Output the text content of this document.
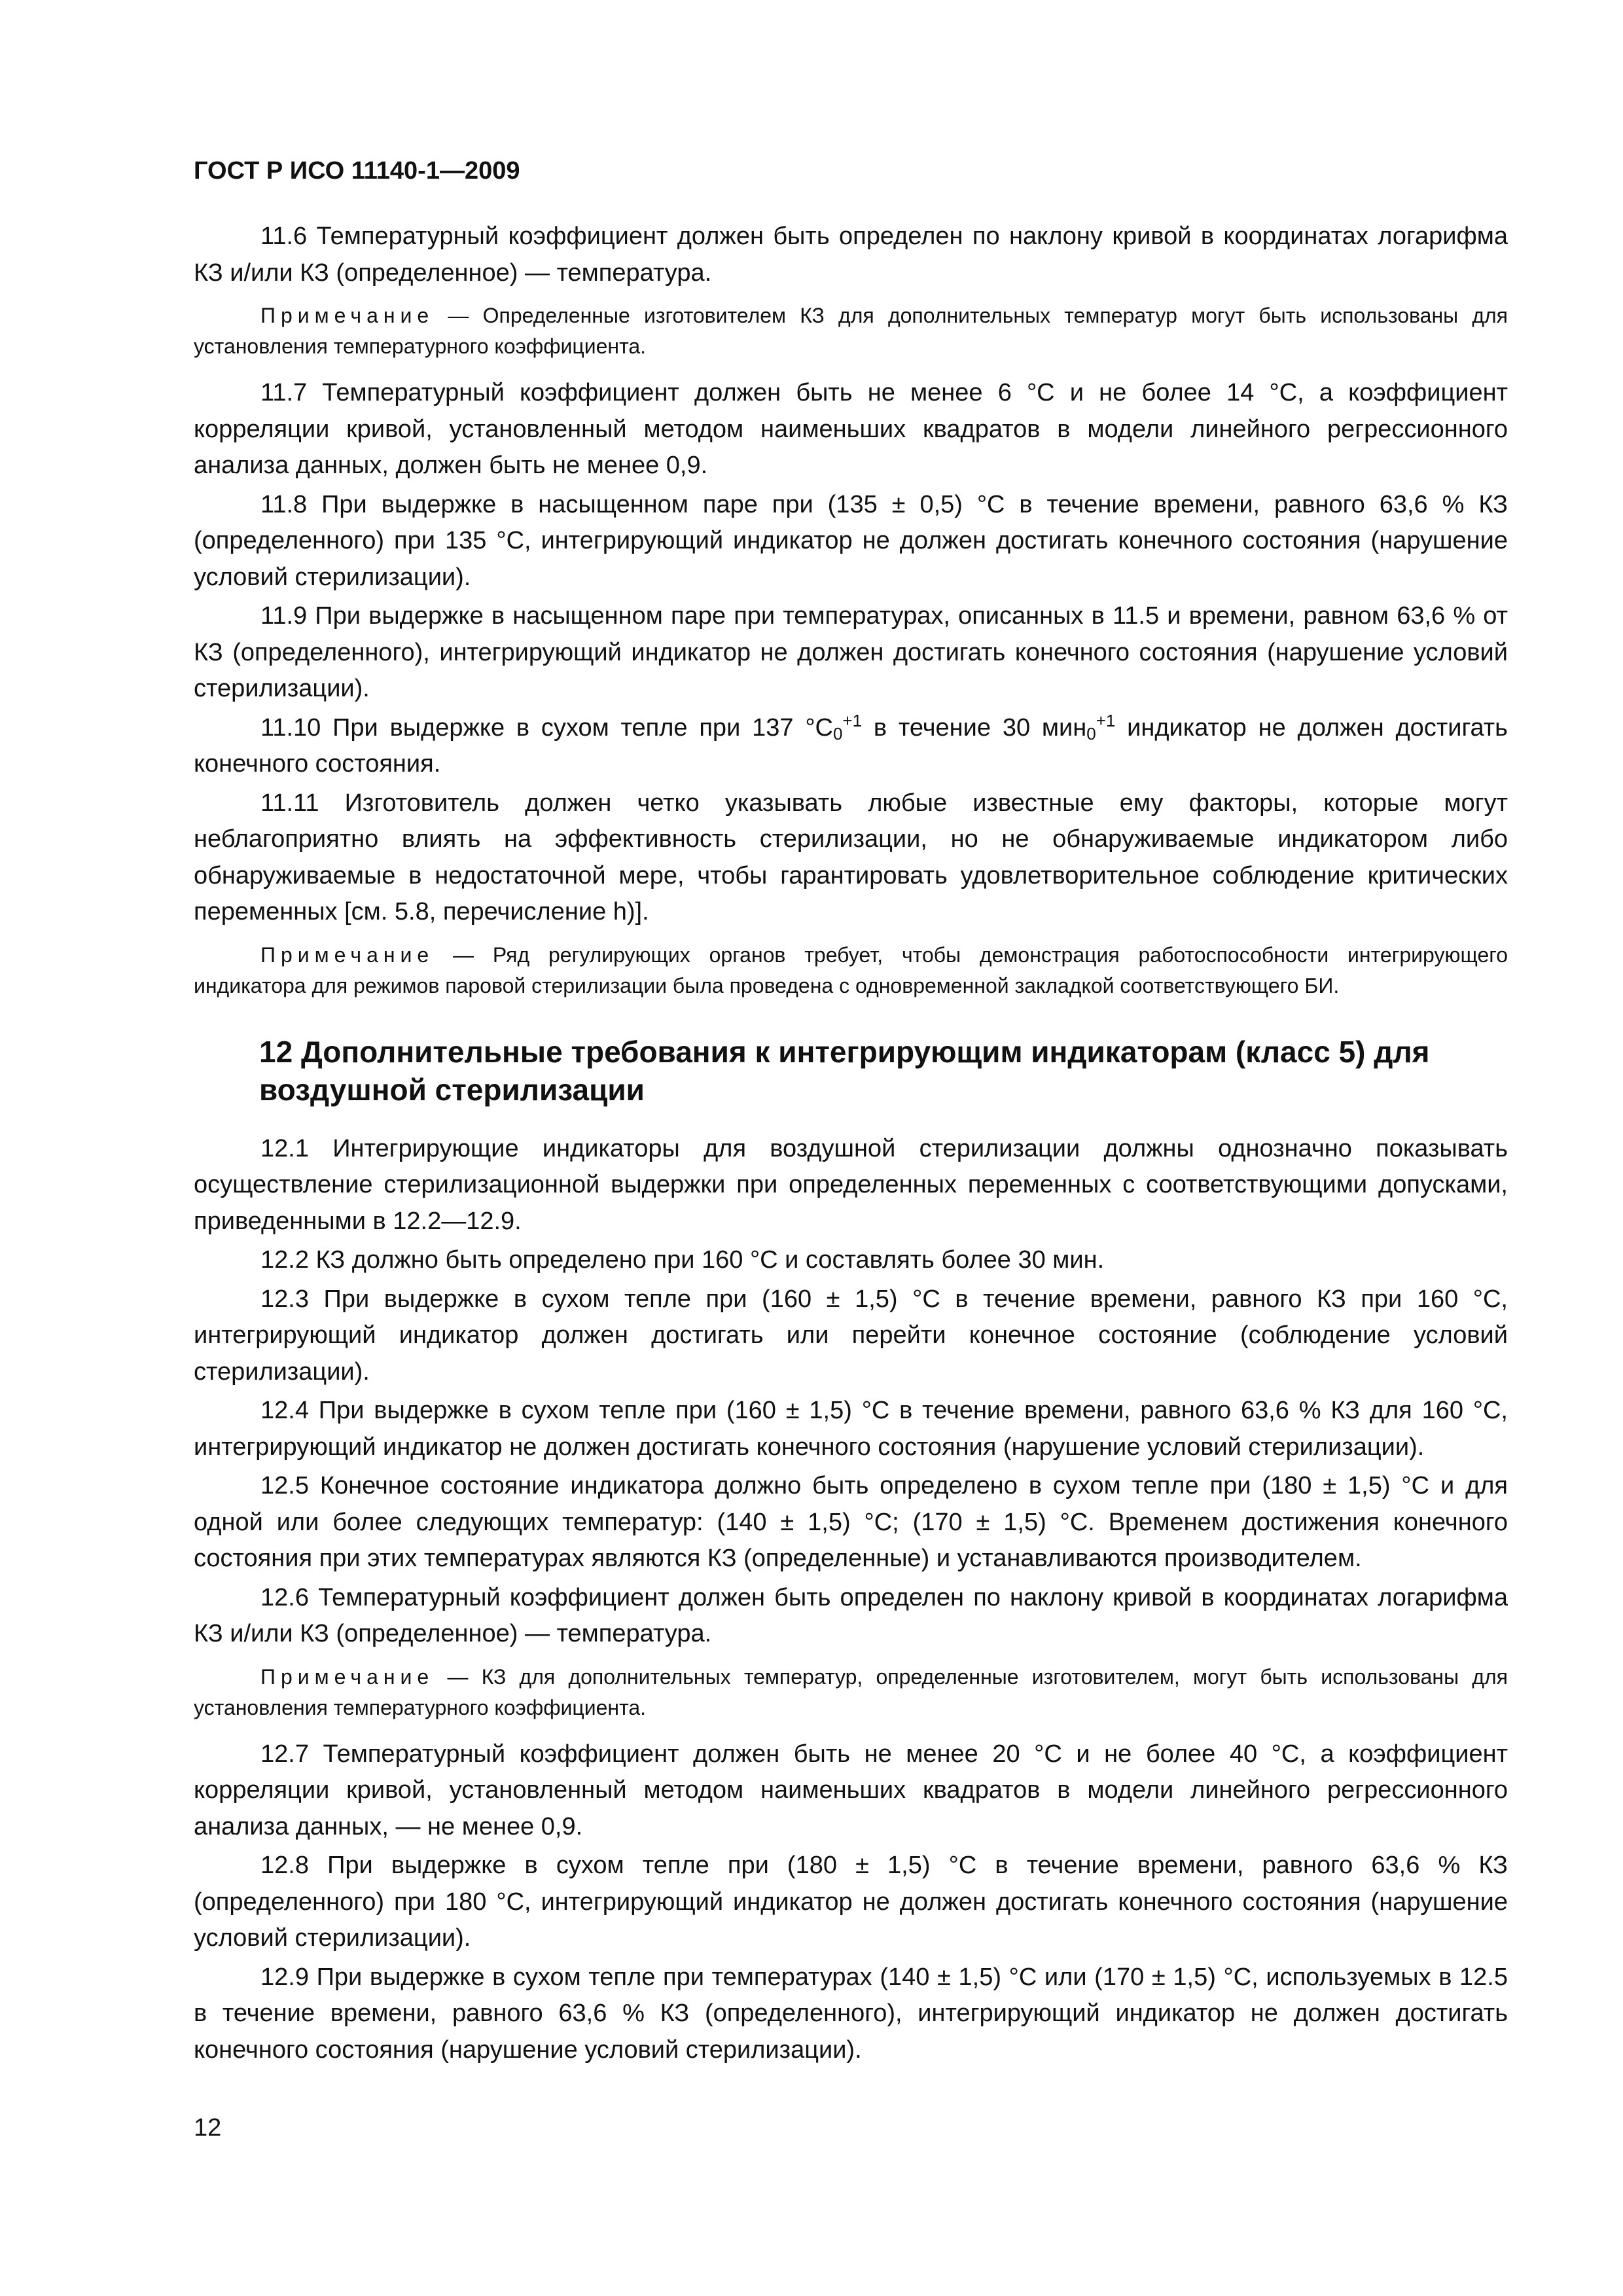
ГОСТ Р ИСО 11140-1—2009

11.6 Температурный коэффициент должен быть определен по наклону кривой в координатах логарифма КЗ и/или КЗ (определенное) — температура.

Примечание — Определенные изготовителем КЗ для дополнительных температур могут быть использованы для установления температурного коэффициента.

11.7 Температурный коэффициент должен быть не менее 6 °С и не более 14 °С, а коэффициент корреляции кривой, установленный методом наименьших квадратов в модели линейного регрессионного анализа данных, должен быть не менее 0,9.

11.8 При выдержке в насыщенном паре при (135 ± 0,5) °С в течение времени, равного 63,6 % КЗ (определенного) при 135 °С, интегрирующий индикатор не должен достигать конечного состояния (нарушение условий стерилизации).

11.9 При выдержке в насыщенном паре при температурах, описанных в 11.5 и времени, равном 63,6 % от КЗ (определенного), интегрирующий индикатор не должен достигать конечного состояния (нарушение условий стерилизации).

11.10 При выдержке в сухом тепле при 137 $^\circ С_0^{+1}$ в течение 30 мин$_0^{+1}$ индикатор не должен достигать конечного состояния.

11.11 Изготовитель должен четко указывать любые известные ему факторы, которые могут неблагоприятно влиять на эффективность стерилизации, но не обнаруживаемые индикатором либо обнаруживаемые в недостаточной мере, чтобы гарантировать удовлетворительное соблюдение критических переменных [см. 5.8, перечисление h)].

Примечание — Ряд регулирующих органов требует, чтобы демонстрация работоспособности интегрирующего индикатора для режимов паровой стерилизации была проведена с одновременной закладкой соответствующего БИ.

12 Дополнительные требования к интегрирующим индикаторам (класс 5) для воздушной стерилизации

12.1 Интегрирующие индикаторы для воздушной стерилизации должны однозначно показывать осуществление стерилизационной выдержки при определенных переменных с соответствующими допусками, приведенными в 12.2—12.9.

12.2 КЗ должно быть определено при 160 °С и составлять более 30 мин.

12.3 При выдержке в сухом тепле при (160 ± 1,5) °С в течение времени, равного КЗ при 160 °С, интегрирующий индикатор должен достигать или перейти конечное состояние (соблюдение условий стерилизации).

12.4 При выдержке в сухом тепле при (160 ± 1,5) °С в течение времени, равного 63,6 % КЗ для 160 °С, интегрирующий индикатор не должен достигать конечного состояния (нарушение условий стерилизации).

12.5 Конечное состояние индикатора должно быть определено в сухом тепле при (180 ± 1,5) °С и для одной или более следующих температур: (140 ± 1,5) °С; (170 ± 1,5) °С. Временем достижения конечного состояния при этих температурах являются КЗ (определенные) и устанавливаются производителем.

12.6 Температурный коэффициент должен быть определен по наклону кривой в координатах логарифма КЗ и/или КЗ (определенное) — температура.

Примечание — КЗ для дополнительных температур, определенные изготовителем, могут быть использованы для установления температурного коэффициента.

12.7 Температурный коэффициент должен быть не менее 20 °С и не более 40 °С, а коэффициент корреляции кривой, установленный методом наименьших квадратов в модели линейного регрессионного анализа данных, — не менее 0,9.

12.8 При выдержке в сухом тепле при (180 ± 1,5) °С в течение времени, равного 63,6 % КЗ (определенного) при 180 °С, интегрирующий индикатор не должен достигать конечного состояния (нарушение условий стерилизации).

12.9 При выдержке в сухом тепле при температурах (140 ± 1,5) °С или (170 ± 1,5) °С, используемых в 12.5 в течение времени, равного 63,6 % КЗ (определенного), интегрирующий индикатор не должен достигать конечного состояния (нарушение условий стерилизации).

12
